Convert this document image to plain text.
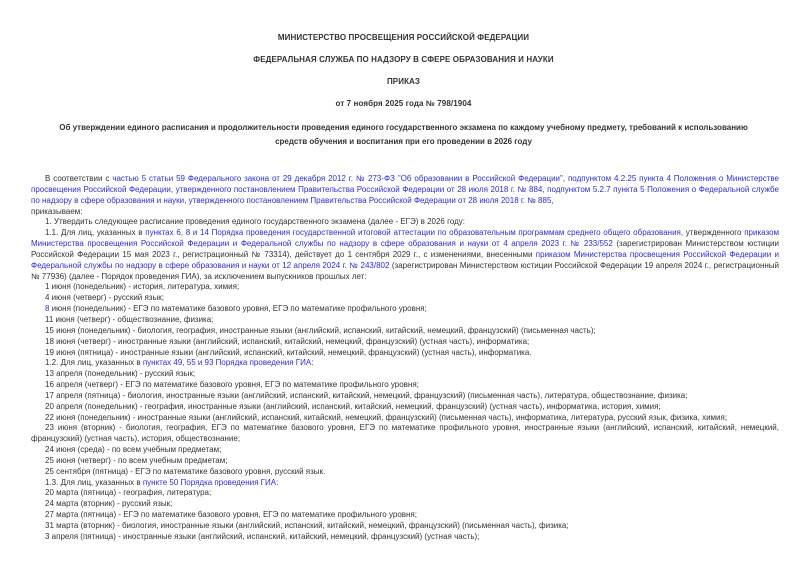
МИНИСТЕРСТВО ПРОСВЕЩЕНИЯ РОССИЙСКОЙ ФЕДЕРАЦИИ

ФЕДЕРАЛЬНАЯ СЛУЖБА ПО НАДЗОРУ В СФЕРЕ ОБРАЗОВАНИЯ И НАУКИ

ПРИКАЗ

от 7 ноября 2025 года № 798/1904

Об утверждении единого расписания и продолжительности проведения единого государственного экзамена по каждому учебному предмету, требований к использованию средств обучения и воспитания при его проведении в 2026 году

В соответствии с частью 5 статьи 59 Федерального закона от 29 декабря 2012 г. № 273-ФЗ "Об образовании в Российской Федерации", подпунктом 4.2.25 пункта 4 Положения о Министерстве просвещения Российской Федерации, утвержденного постановлением Правительства Российской Федерации от 28 июля 2018 г. № 884, подпунктом 5.2.7 пункта 5 Положения о Федеральной службе по надзору в сфере образования и науки, утвержденного постановлением Правительства Российской Федерации от 28 июля 2018 г. № 885,

приказываем:

1. Утвердить следующее расписание проведения единого государственного экзамена (далее - ЕГЭ) в 2026 году:

1.1. Для лиц, указанных в пунктах 6, 8 и 14 Порядка проведения государственной итоговой аттестации по образовательным программам среднего общего образования, утвержденного приказом Министерства просвещения Российской Федерации и Федеральной службы по надзору в сфере образования и науки от 4 апреля 2023 г. № 233/552 (зарегистрирован Министерством юстиции Российской Федерации 15 мая 2023 г., регистрационный № 73314), действует до 1 сентября 2029 г., с изменениями, внесенными приказом Министерства просвещения Российской Федерации и Федеральной службы по надзору в сфере образования и науки от 12 апреля 2024 г. № 243/802 (зарегистрирован Министерством юстиции Российской Федерации 19 апреля 2024 г., регистрационный № 77936) (далее - Порядок проведения ГИА), за исключением выпускников прошлых лет:

1 июня (понедельник) - история, литература, химия;

4 июня (четверг) - русский язык;

8 июня (понедельник) - ЕГЭ по математике базового уровня, ЕГЭ по математике профильного уровня;

11 июня (четверг) - обществознание, физика;

15 июня (понедельник) - биология, география, иностранные языки (английский, испанский, китайский, немецкий, французский) (письменная часть);

18 июня (четверг) - иностранные языки (английский, испанский, китайский, немецкий, французский) (устная часть), информатика;

19 июня (пятница) - иностранные языки (английский, испанский, китайский, немецкий, французский) (устная часть), информатика.

1.2. Для лиц, указанных в пунктах 49, 55 и 93 Порядка проведения ГИА:

13 апреля (понедельник) - русский язык;

16 апреля (четверг) - ЕГЭ по математике базового уровня, ЕГЭ по математике профильного уровня;

17 апреля (пятница) - биология, иностранные языки (английский, испанский, китайский, немецкий, французский) (письменная часть), литература, обществознание, физика;

20 апреля (понедельник) - география, иностранные языки (английский, испанский, китайский, немецкий, французский) (устная часть), информатика, история, химия;

22 июня (понедельник) - иностранные языки (английский, испанский, китайский, немецкий, французский) (письменная часть), информатика, литература, русский язык, физика, химия;

23 июня (вторник) - биология, география, ЕГЭ по математике базового уровня, ЕГЭ по математике профильного уровня, иностранные языки (английский, испанский, китайский, немецкий, французский) (устная часть), история, обществознание;

24 июня (среда) - по всем учебным предметам;

25 июня (четверг) - по всем учебным предметам;

25 сентября (пятница) - ЕГЭ по математике базового уровня, русский язык.

1.3. Для лиц, указанных в пункте 50 Порядка проведения ГИА:

20 марта (пятница) - география, литература;

24 марта (вторник) - русский язык;

27 марта (пятница) - ЕГЭ по математике базового уровня, ЕГЭ по математике профильного уровня;

31 марта (вторник) - биология, иностранные языки (английский, испанский, китайский, немецкий, французский) (письменная часть), физика;

3 апреля (пятница) - иностранные языки (английский, испанский, китайский, немецкий, французский) (устная часть);
